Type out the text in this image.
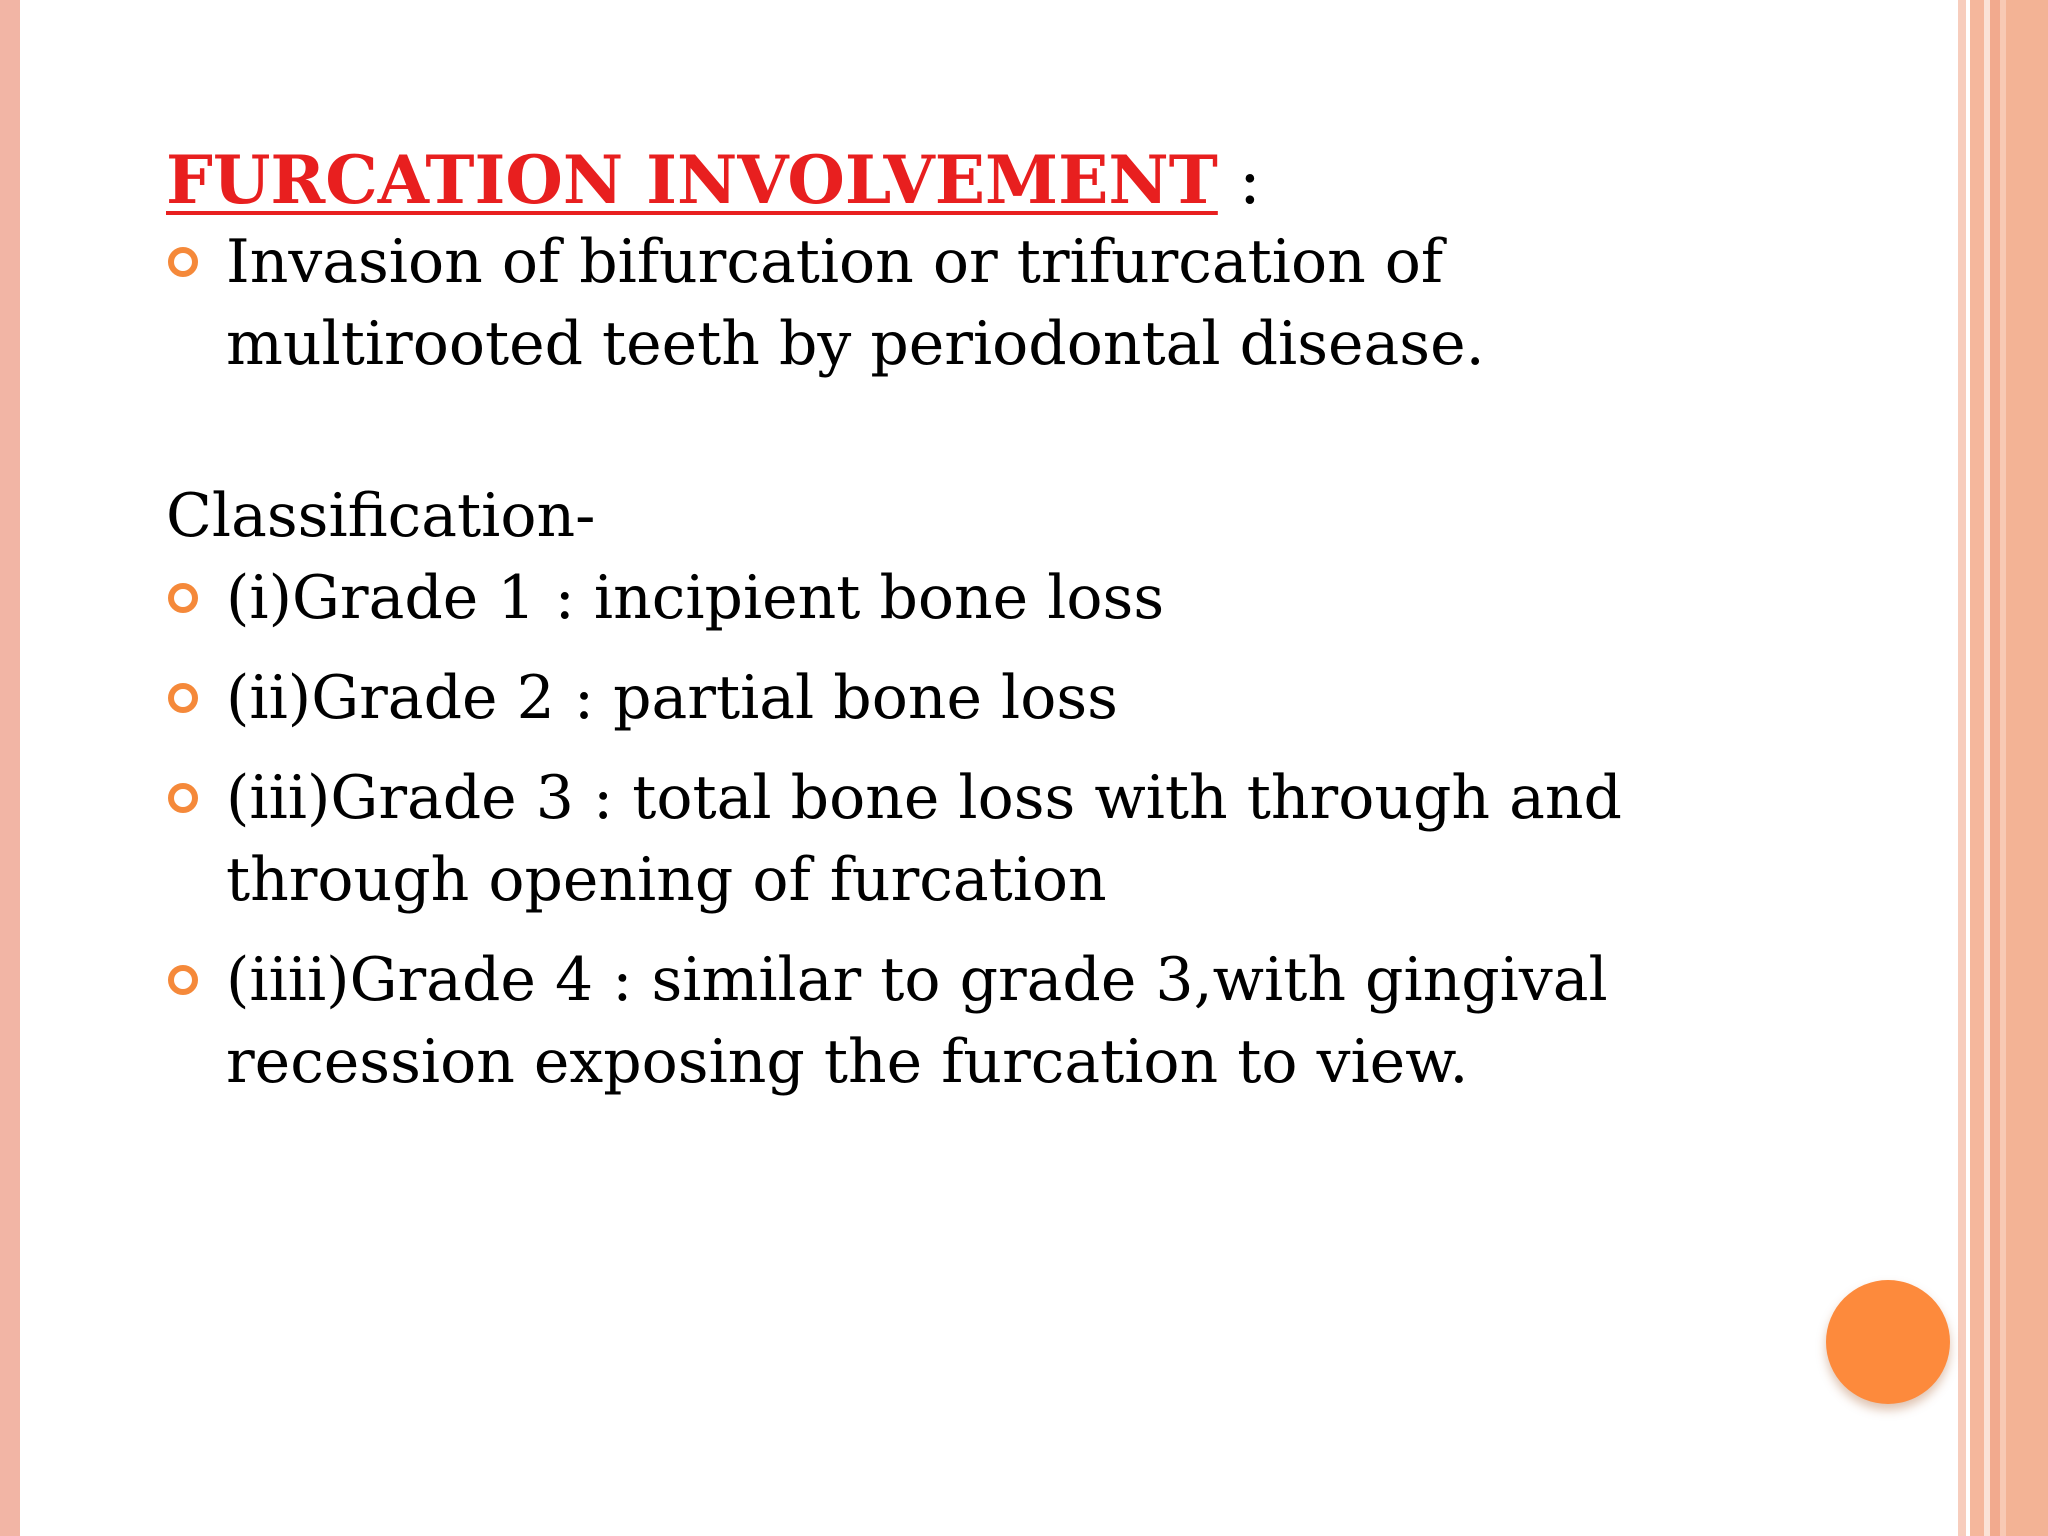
FURCATION INVOLVEMENT :

Invasion of bifurcation or trifurcation of
multirooted teeth by periodontal disease.
Classification-
(i)Grade 1 : incipient bone loss
(ii)Grade 2 : partial bone loss
(iii)Grade 3 : total bone loss with through and
through opening of furcation
(iiii)Grade 4 : similar to grade 3,with gingival
recession exposing the furcation to view.
